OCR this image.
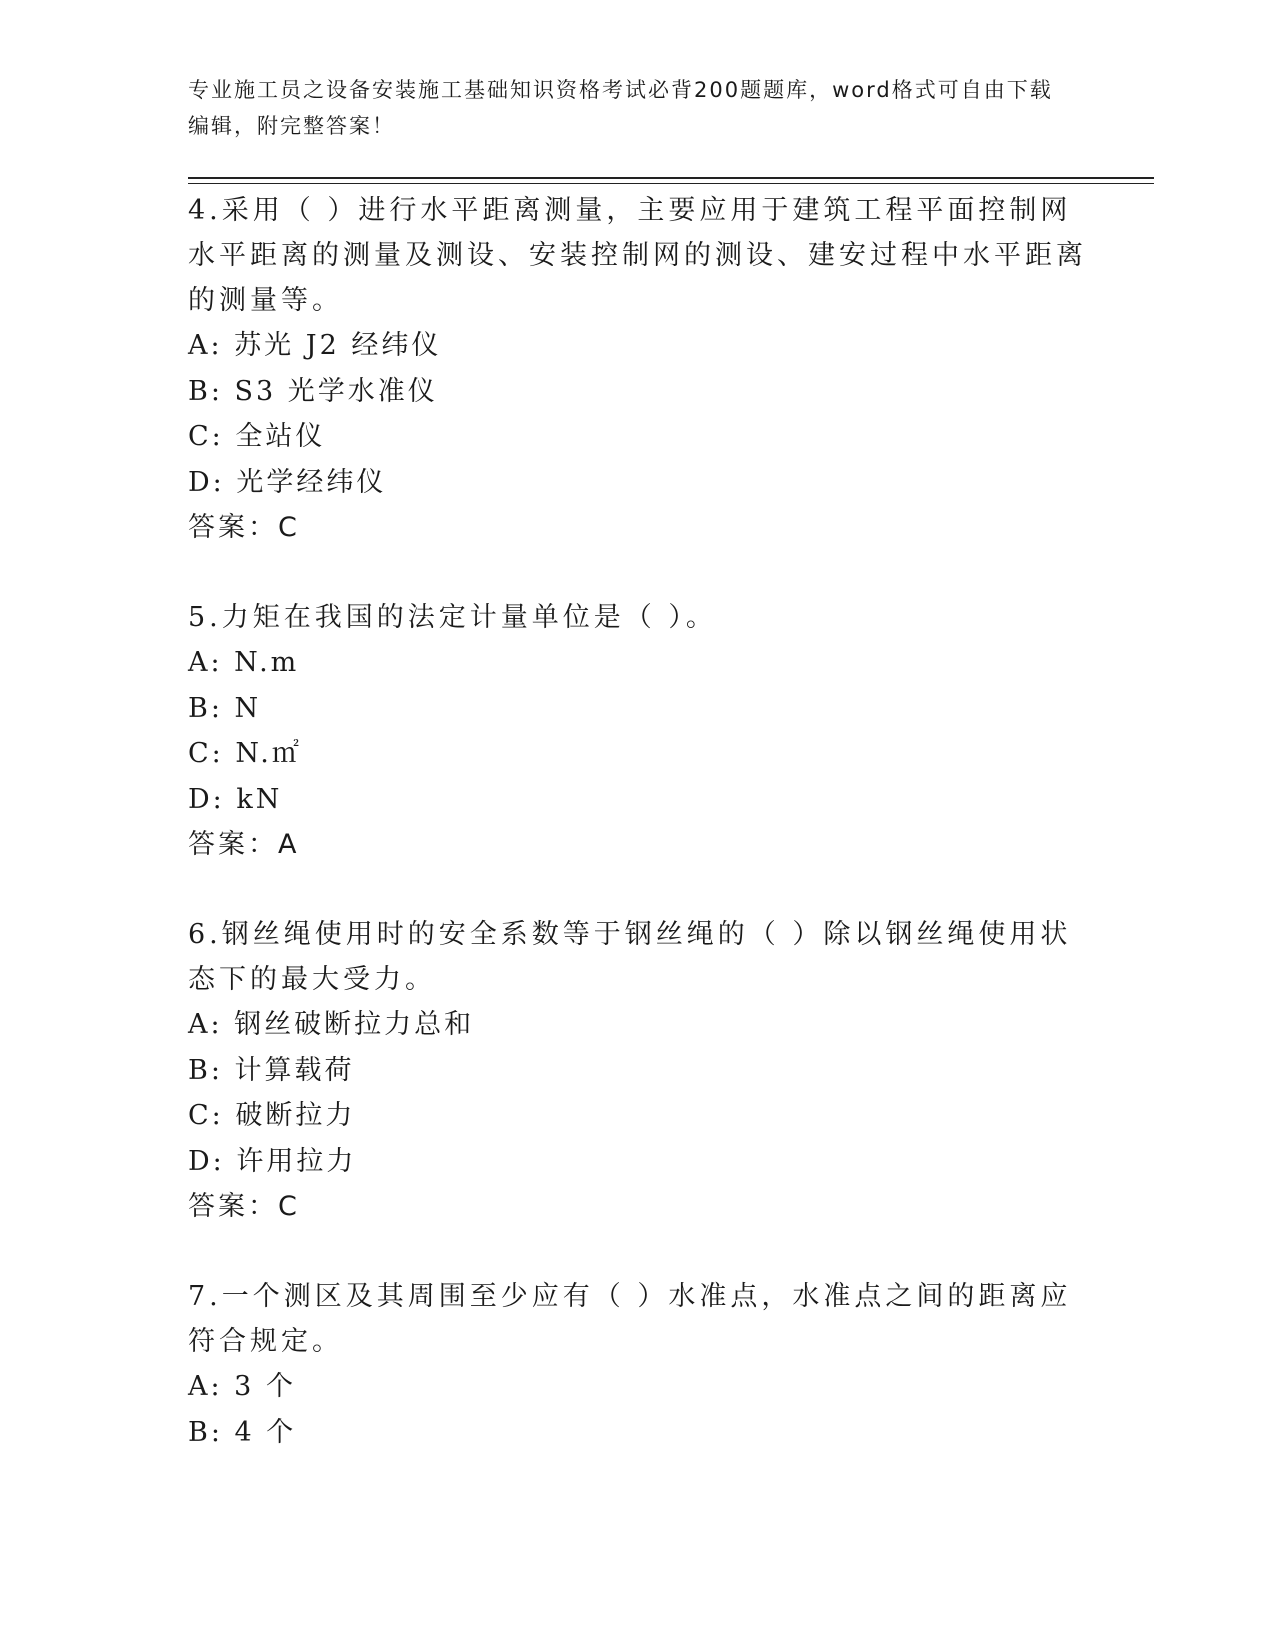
专业施工员之设备安装施工基础知识资格考试必背200题题库，word格式可自由下载编辑，附完整答案！
4.采用（ ）进行水平距离测量，主要应用于建筑工程平面控制网水平距离的测量及测设、安装控制网的测设、建安过程中水平距离的测量等。
A: 苏光 J2 经纬仪
B: S3 光学水准仪
C: 全站仪
D: 光学经纬仪
答案：C
5.力矩在我国的法定计量单位是（ ）。
A: N.m
B: N
C: N.㎡
D: kN
答案：A
6.钢丝绳使用时的安全系数等于钢丝绳的（ ）除以钢丝绳使用状态下的最大受力。
A: 钢丝破断拉力总和
B: 计算载荷
C: 破断拉力
D: 许用拉力
答案：C
7.一个测区及其周围至少应有（ ）水准点，水准点之间的距离应符合规定。
A: 3 个
B: 4 个
